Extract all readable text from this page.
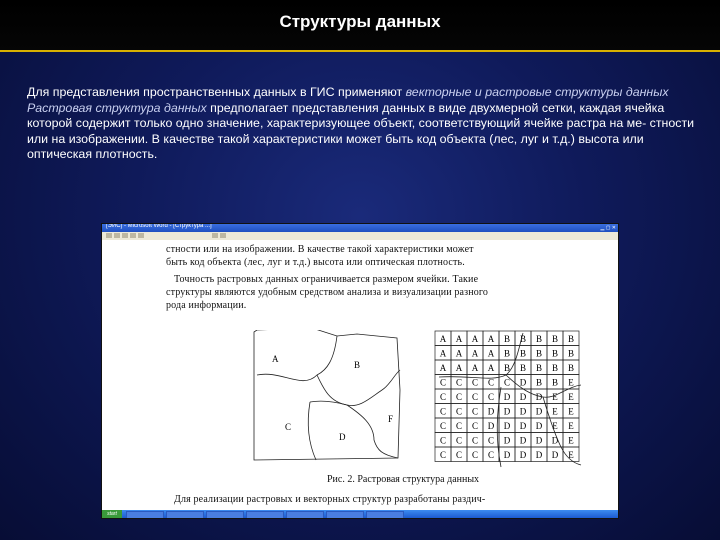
Структуры данных
Для представления пространственных данных в ГИС применяют векторные и растровые структуры данных
Растровая структура данных предполагает представления данных в виде двухмерной сетки, каждая ячейка которой содержит только одно значение, характеризующее объект, соответствующий ячейке растра на ме- стности или на изображении. В качестве такой характеристики может быть код объекта (лес, луг и т.д.) высота или оптическая плотность.
[ЭИС] - Microsoft Word - [Структура ...]	▁ ▢ ✕
стности или на изображении. В качестве такой характеристики может
быть код объекта (лес, луг и т.д.) высота или оптическая плотность.
Точность растровых данных ограничивается размером ячейки. Такие
структуры являются удобным средством анализа и визуализации разного
рода информации.
A
B
C
D
F
A A A A B B B B B
A A A A B B B B B
A A A A B B B B B
C C C C C D B B E
C C C C D D D E E
C C C D D D D E E
C C C D D D D E E
C C C C D D D D E
C C C C D D D D E
Рис. 2. Растровая структура данных
Для реализации растровых и векторных структур разработаны раздич-
start
